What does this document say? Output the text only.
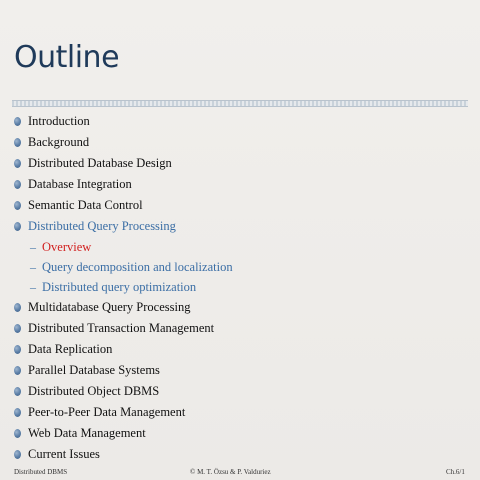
Outline
Introduction
Background
Distributed Database Design
Database Integration
Semantic Data Control
Distributed Query Processing
– Overview
– Query decomposition and localization
– Distributed query optimization
Multidatabase Query Processing
Distributed Transaction Management
Data Replication
Parallel Database Systems
Distributed Object DBMS
Peer-to-Peer Data Management
Web Data Management
Current Issues
Distributed DBMS	© M. T. Özsu & P. Valduriez	Ch.6/1
